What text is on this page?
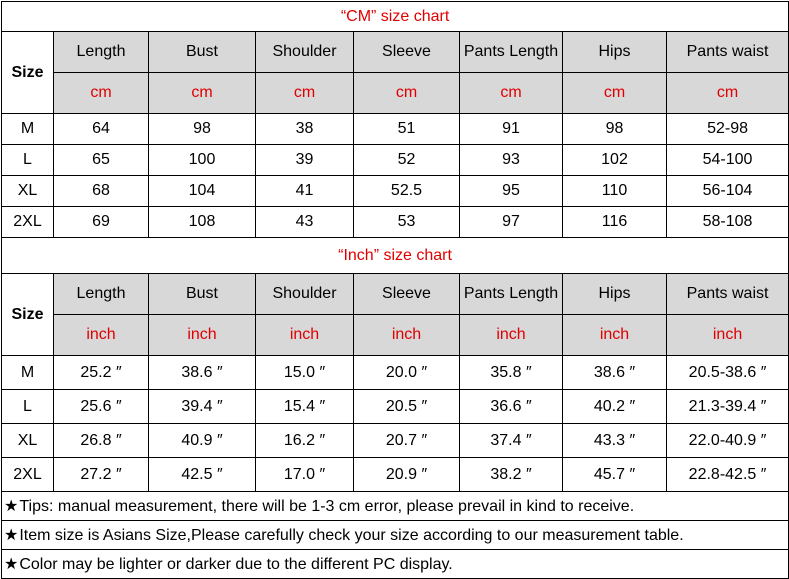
“CM” size chart							
Size	Length	Bust	Shoulder	Sleeve	Pants Length	Hips	Pants waist
	cm	cm	cm	cm	cm	cm	cm
M	64	98	38	51	91	98	52-98
L	65	100	39	52	93	102	54-100
XL	68	104	41	52.5	95	110	56-104
2XL	69	108	43	53	97	116	58-108
“Inch” size chart							
Size	Length	Bust	Shoulder	Sleeve	Pants Length	Hips	Pants waist
	inch	inch	inch	inch	inch	inch	inch
M	25.2 ″	38.6 ″	15.0 ″	20.0 ″	35.8 ″	38.6 ″	20.5-38.6 ″
L	25.6 ″	39.4 ″	15.4 ″	20.5 ″	36.6 ″	40.2 ″	21.3-39.4 ″
XL	26.8 ″	40.9 ″	16.2 ″	20.7 ″	37.4 ″	43.3 ″	22.0-40.9 ″
2XL	27.2 ″	42.5 ″	17.0 ″	20.9 ″	38.2 ″	45.7 ″	22.8-42.5 ″
★Tips: manual measurement, there will be 1-3 cm error, please prevail in kind to receive.							
★Item size is Asians Size,Please carefully check your size according to our measurement table.							
★Color may be lighter or darker due to the different PC display.							
